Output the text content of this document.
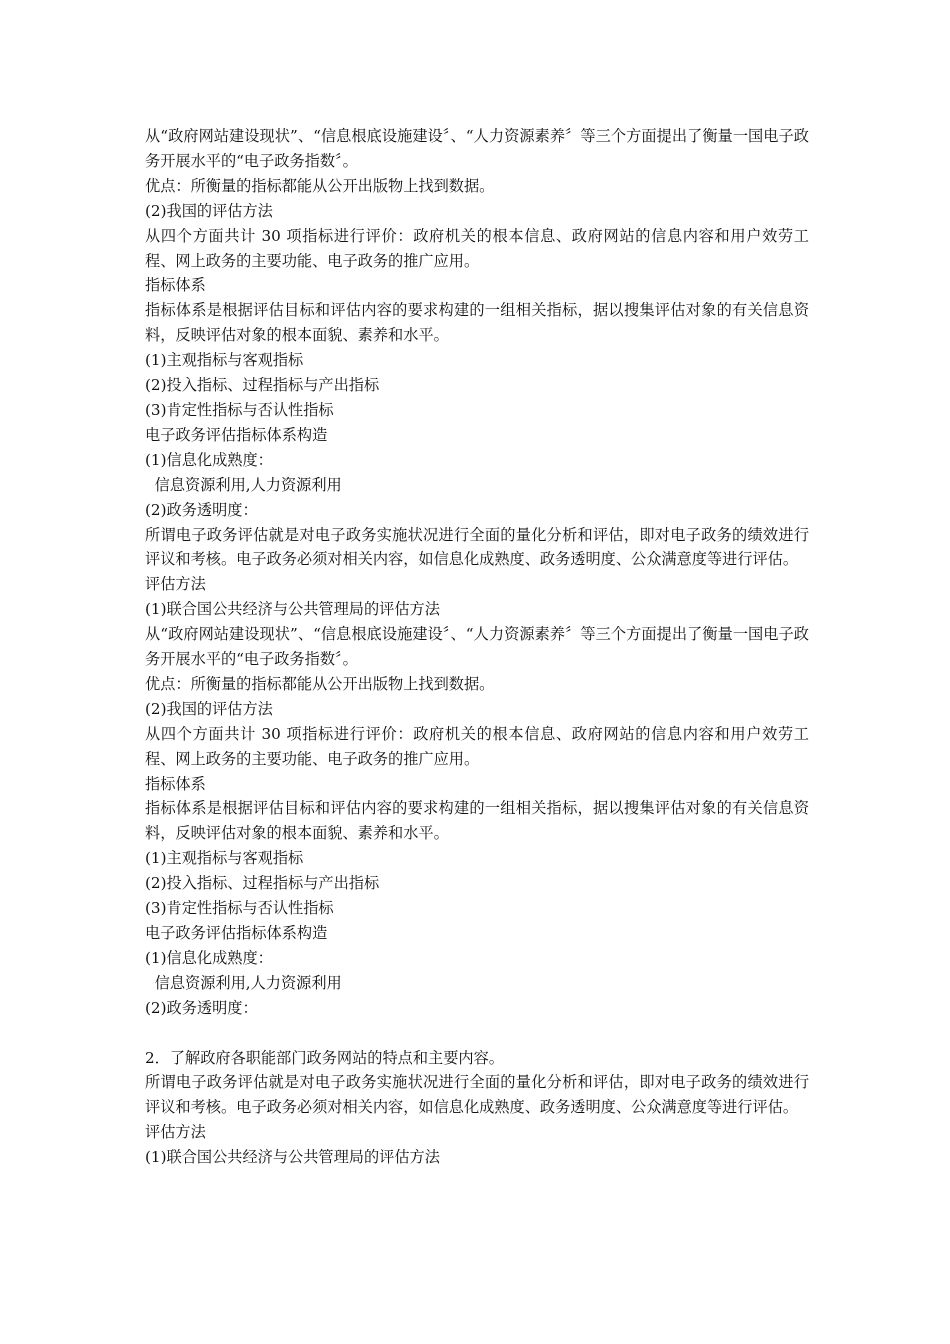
从“政府网站建设现状”、“信息根底设施建设〞、“人力资源素养〞等三个方面提出了衡量一国电子政务开展水平的“电子政务指数〞。

优点：所衡量的指标都能从公开出版物上找到数据。

(2)我国的评估方法

从四个方面共计 30 项指标进行评价：政府机关的根本信息、政府网站的信息内容和用户效劳工程、网上政务的主要功能、电子政务的推广应用。

指标体系

指标体系是根据评估目标和评估内容的要求构建的一组相关指标，据以搜集评估对象的有关信息资料，反映评估对象的根本面貌、素养和水平。

(1)主观指标与客观指标

(2)投入指标、过程指标与产出指标

(3)肯定性指标与否认性指标

电子政务评估指标体系构造

(1)信息化成熟度：

信息资源利用,人力资源利用

(2)政务透明度：

所谓电子政务评估就是对电子政务实施状况进行全面的量化分析和评估，即对电子政务的绩效进行评议和考核。电子政务必须对相关内容，如信息化成熟度、政务透明度、公众满意度等进行评估。

评估方法

(1)联合国公共经济与公共管理局的评估方法

从“政府网站建设现状”、“信息根底设施建设〞、“人力资源素养〞等三个方面提出了衡量一国电子政务开展水平的“电子政务指数〞。

优点：所衡量的指标都能从公开出版物上找到数据。

(2)我国的评估方法

从四个方面共计 30 项指标进行评价：政府机关的根本信息、政府网站的信息内容和用户效劳工程、网上政务的主要功能、电子政务的推广应用。

指标体系

指标体系是根据评估目标和评估内容的要求构建的一组相关指标，据以搜集评估对象的有关信息资料，反映评估对象的根本面貌、素养和水平。

(1)主观指标与客观指标

(2)投入指标、过程指标与产出指标

(3)肯定性指标与否认性指标

电子政务评估指标体系构造

(1)信息化成熟度：

信息资源利用,人力资源利用

(2)政务透明度：

2．了解政府各职能部门政务网站的特点和主要内容。

所谓电子政务评估就是对电子政务实施状况进行全面的量化分析和评估，即对电子政务的绩效进行评议和考核。电子政务必须对相关内容，如信息化成熟度、政务透明度、公众满意度等进行评估。

评估方法

(1)联合国公共经济与公共管理局的评估方法
